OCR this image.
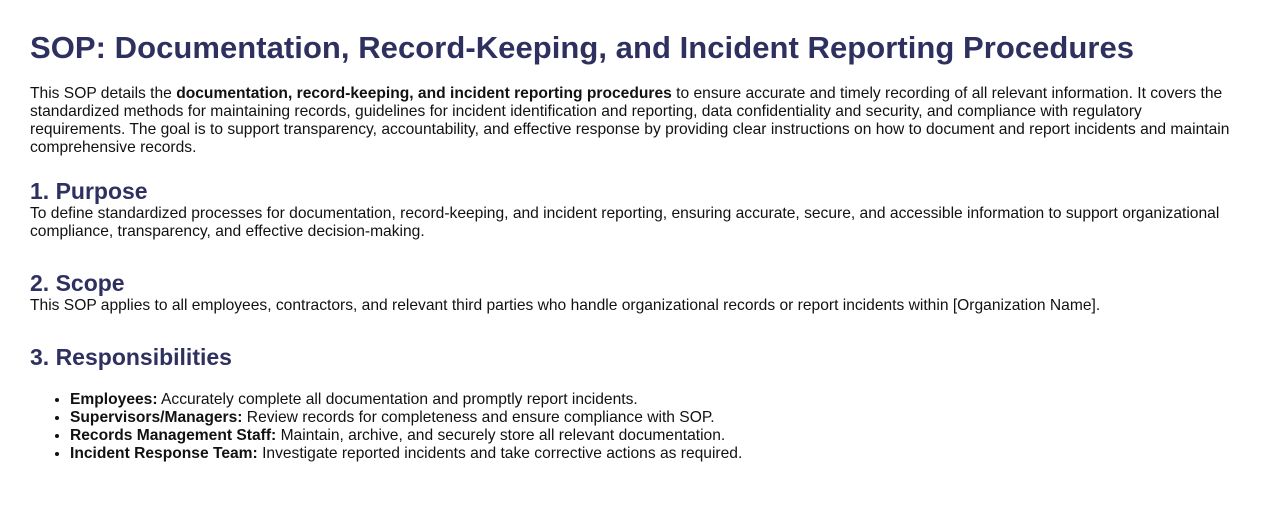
SOP: Documentation, Record-Keeping, and Incident Reporting Procedures

This SOP details the documentation, record-keeping, and incident reporting procedures to ensure accurate and timely recording of all relevant information. It covers the standardized methods for maintaining records, guidelines for incident identification and reporting, data confidentiality and security, and compliance with regulatory requirements. The goal is to support transparency, accountability, and effective response by providing clear instructions on how to document and report incidents and maintain comprehensive records.

1. Purpose

To define standardized processes for documentation, record-keeping, and incident reporting, ensuring accurate, secure, and accessible information to support organizational compliance, transparency, and effective decision-making.

2. Scope

This SOP applies to all employees, contractors, and relevant third parties who handle organizational records or report incidents within [Organization Name].

3. Responsibilities
• Employees: Accurately complete all documentation and promptly report incidents.
• Supervisors/Managers: Review records for completeness and ensure compliance with SOP.
• Records Management Staff: Maintain, archive, and securely store all relevant documentation.
• Incident Response Team: Investigate reported incidents and take corrective actions as required.
